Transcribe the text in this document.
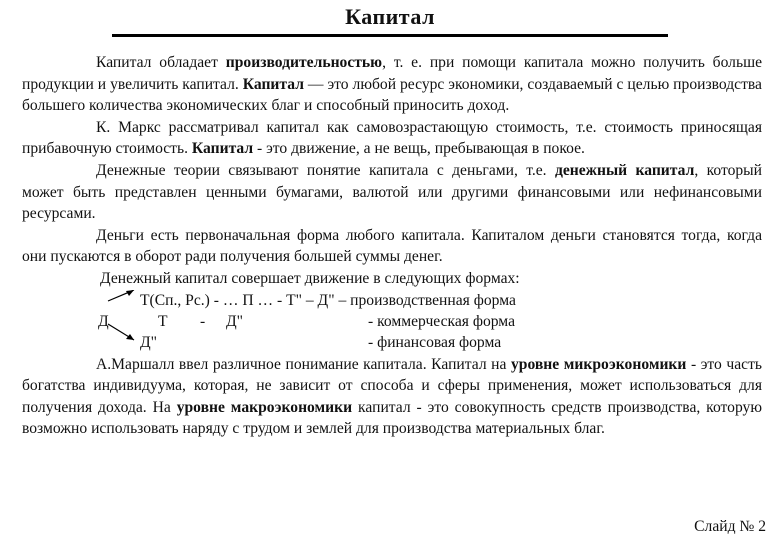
Капитал

Капитал обладает производительностью, т. е. при помощи капитала можно получить больше продукции и увеличить капитал. Капитал — это любой ресурс экономики, создаваемый с целью производства большего количества экономических благ и способный приносить доход.

К. Маркс рассматривал капитал как самовозрастающую стоимость, т.е. стоимость приносящая прибавочную стоимость. Капитал - это движение, а не вещь, пребывающая в покое.

Денежные теории связывают понятие капитала с деньгами, т.е. денежный капитал, который может быть представлен ценными бумагами, валютой или другими финансовыми или нефинансовыми ресурсами.

Деньги есть первоначальная форма любого капитала. Капиталом деньги становятся тогда, когда они пускаются в оборот ради получения большей суммы денег.

Денежный капитал совершает движение в следующих формах:

Т(Сп., Рс.) - … П … - Т" – Д" – производственная форма
Д	Т - Д"	- коммерческая форма
Д"	- финансовая форма

А.Маршалл ввел различное понимание капитала. Капитал на уровне микроэкономики - это часть богатства индивидуума, которая, не зависит от способа и сферы применения, может использоваться для получения дохода. На уровне макроэкономики капитал - это совокупность средств производства, которую возможно использовать наряду с трудом и землей для производства материальных благ.

Слайд № 2
